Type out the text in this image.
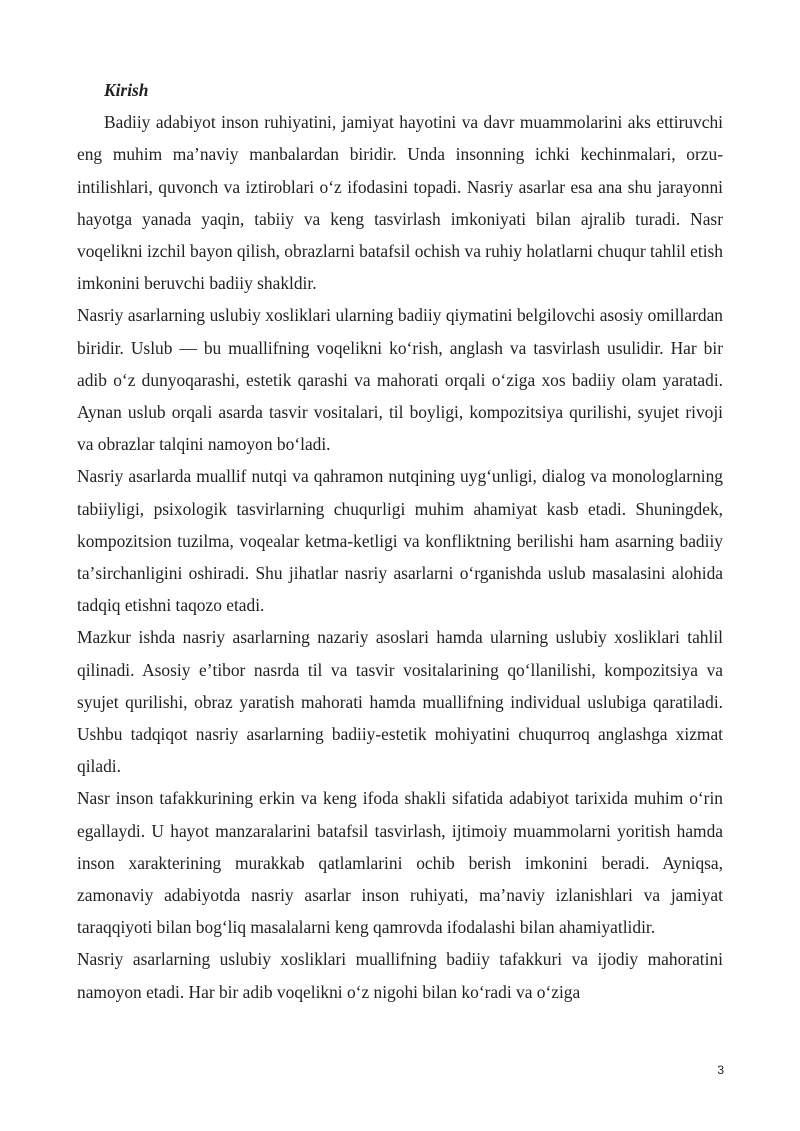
Kirish

Badiiy adabiyot inson ruhiyatini, jamiyat hayotini va davr muammolarini aks ettiruvchi eng muhim maʼnaviy manbalardan biridir. Unda insonning ichki kechinmalari, orzu-intilishlari, quvonch va iztiroblari oʻz ifodasini topadi. Nasriy asarlar esa ana shu jarayonni hayotga yanada yaqin, tabiiy va keng tasvirlash imkoniyati bilan ajralib turadi. Nasr voqelikni izchil bayon qilish, obrazlarni batafsil ochish va ruhiy holatlarni chuqur tahlil etish imkonini beruvchi badiiy shakldir.

Nasriy asarlarning uslubiy xosliklari ularning badiiy qiymatini belgilovchi asosiy omillardan biridir. Uslub — bu muallifning voqelikni koʻrish, anglash va tasvirlash usulidir. Har bir adib oʻz dunyoqarashi, estetik qarashi va mahorati orqali oʻziga xos badiiy olam yaratadi. Aynan uslub orqali asarda tasvir vositalari, til boyligi, kompozitsiya qurilishi, syujet rivoji va obrazlar talqini namoyon boʻladi.

Nasriy asarlarda muallif nutqi va qahramon nutqining uygʻunligi, dialog va monologlarning tabiiyligi, psixologik tasvirlarning chuqurligi muhim ahamiyat kasb etadi. Shuningdek, kompozitsion tuzilma, voqealar ketma-ketligi va konfliktning berilishi ham asarning badiiy taʼsirchanligini oshiradi. Shu jihatlar nasriy asarlarni oʻrganishda uslub masalasini alohida tadqiq etishni taqozo etadi.

Mazkur ishda nasriy asarlarning nazariy asoslari hamda ularning uslubiy xosliklari tahlil qilinadi. Asosiy eʼtibor nasrda til va tasvir vositalarining qoʻllanilishi, kompozitsiya va syujet qurilishi, obraz yaratish mahorati hamda muallifning individual uslubiga qaratiladi. Ushbu tadqiqot nasriy asarlarning badiiy-estetik mohiyatini chuqurroq anglashga xizmat qiladi.

Nasr inson tafakkurining erkin va keng ifoda shakli sifatida adabiyot tarixida muhim oʻrin egallaydi. U hayot manzaralarini batafsil tasvirlash, ijtimoiy muammolarni yoritish hamda inson xarakterining murakkab qatlamlarini ochib berish imkonini beradi. Ayniqsa, zamonaviy adabiyotda nasriy asarlar inson ruhiyati, maʼnaviy izlanishlari va jamiyat taraqqiyoti bilan bogʻliq masalalarni keng qamrovda ifodalashi bilan ahamiyatlidir.

Nasriy asarlarning uslubiy xosliklari muallifning badiiy tafakkuri va ijodiy mahoratini namoyon etadi. Har bir adib voqelikni oʻz nigohi bilan koʻradi va oʻziga

3
